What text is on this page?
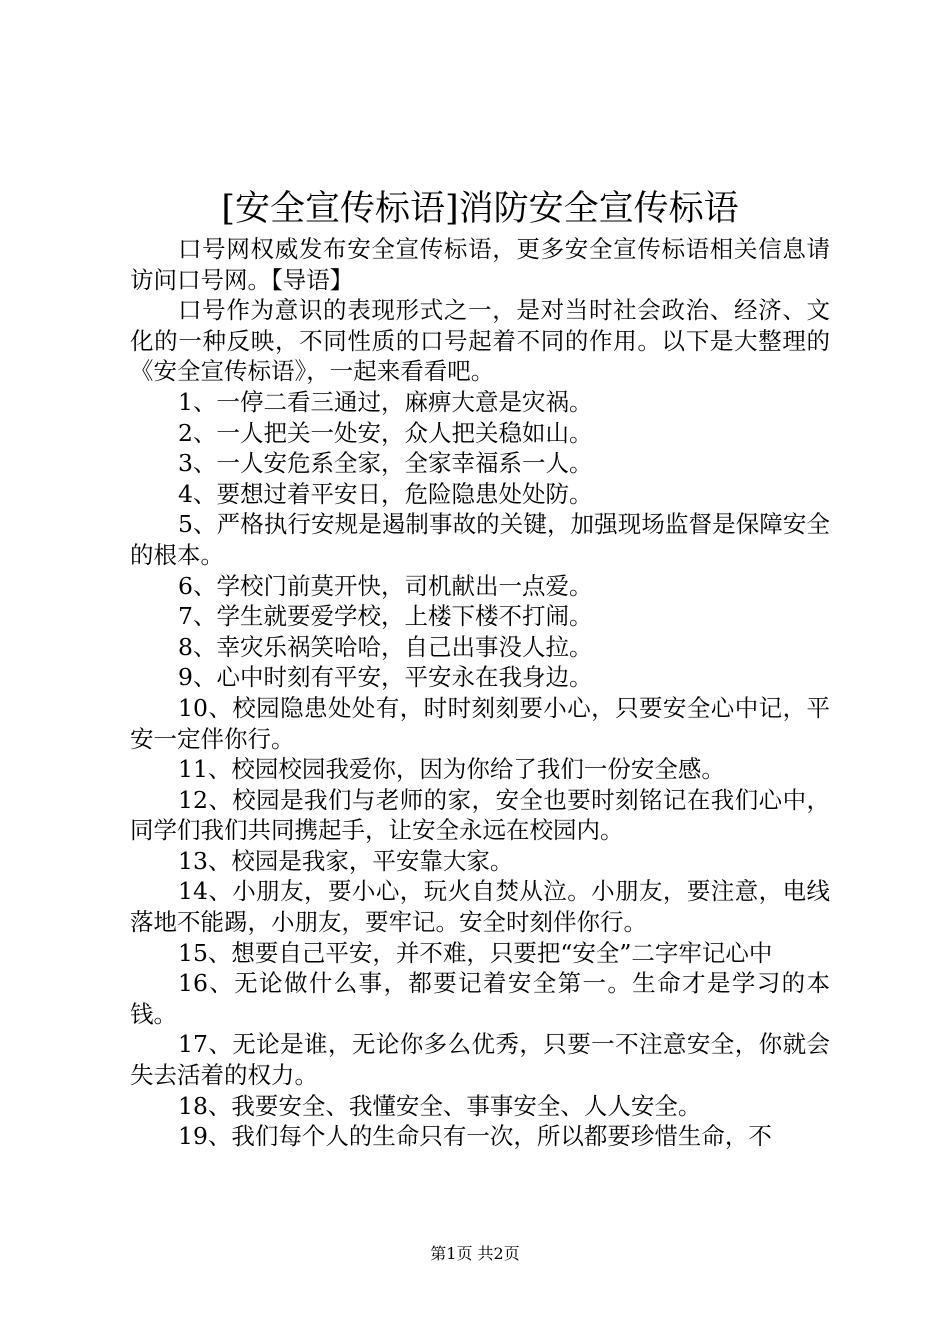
[安全宣传标语]消防安全宣传标语

口号网权威发布安全宣传标语，更多安全宣传标语相关信息请访问口号网。【导语】

口号作为意识的表现形式之一，是对当时社会政治、经济、文化的一种反映，不同性质的口号起着不同的作用。以下是大整理的《安全宣传标语》，一起来看看吧。

1、一停二看三通过，麻痹大意是灾祸。

2、一人把关一处安，众人把关稳如山。

3、一人安危系全家，全家幸福系一人。

4、要想过着平安日，危险隐患处处防。

5、严格执行安规是遏制事故的关键，加强现场监督是保障安全的根本。

6、学校门前莫开快，司机献出一点爱。

7、学生就要爱学校，上楼下楼不打闹。

8、幸灾乐祸笑哈哈，自己出事没人拉。

9、心中时刻有平安，平安永在我身边。

10、校园隐患处处有，时时刻刻要小心，只要安全心中记，平安一定伴你行。

11、校园校园我爱你，因为你给了我们一份安全感。

12、校园是我们与老师的家，安全也要时刻铭记在我们心中，同学们我们共同携起手，让安全永远在校园内。

13、校园是我家，平安靠大家。

14、小朋友，要小心，玩火自焚从泣。小朋友，要注意，电线落地不能踢，小朋友，要牢记。安全时刻伴你行。

15、想要自己平安，并不难，只要把“安全”二字牢记心中

16、无论做什么事，都要记着安全第一。生命才是学习的本钱。

17、无论是谁，无论你多么优秀，只要一不注意安全，你就会失去活着的权力。

18、我要安全、我懂安全、事事安全、人人安全。

19、我们每个人的生命只有一次，所以都要珍惜生命，不

第1页 共2页
